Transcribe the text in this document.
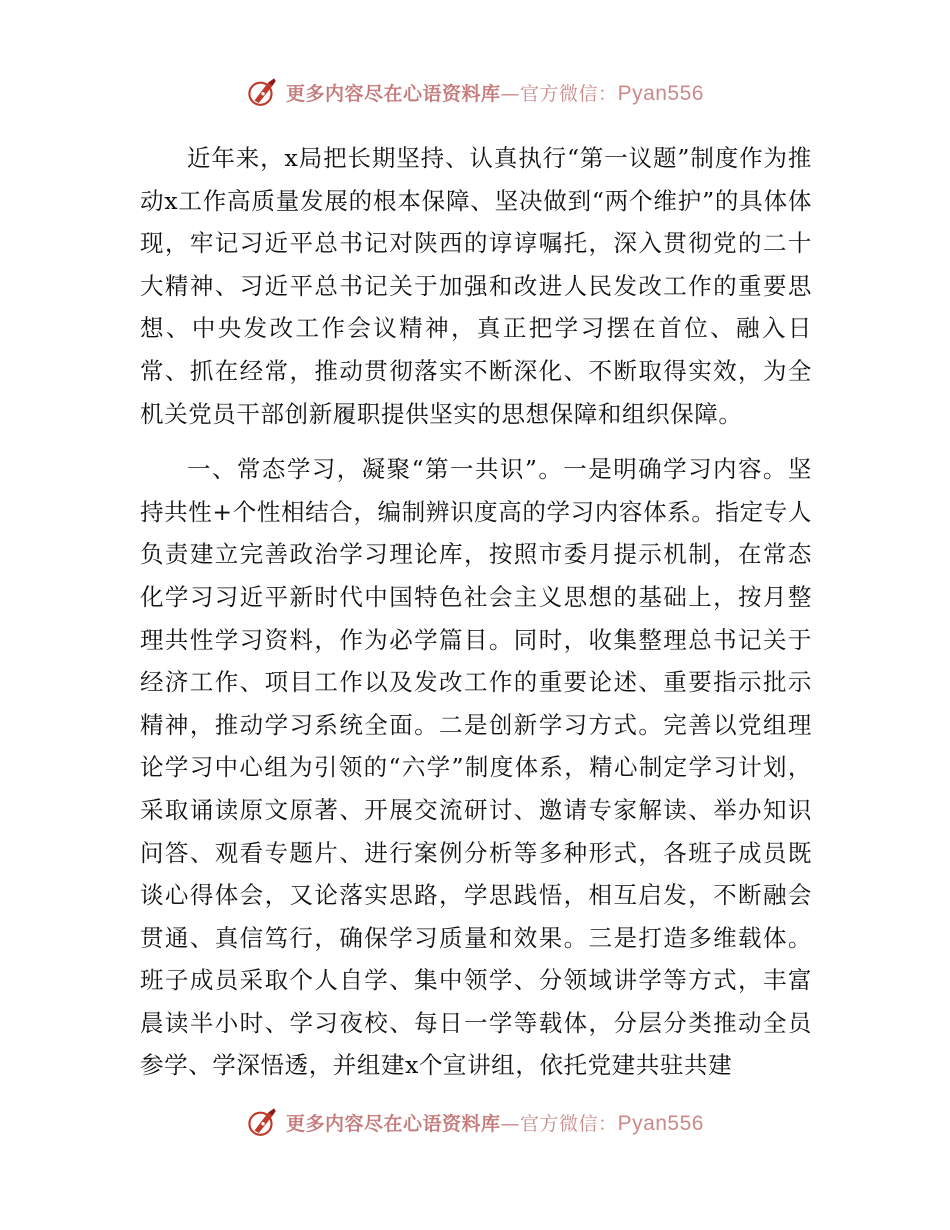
更多内容尽在心语资料库—官方微信：Pyan556

近年来，x局把长期坚持、认真执行“第一议题”制度作为推动x工作高质量发展的根本保障、坚决做到“两个维护”的具体体现，牢记习近平总书记对陕西的谆谆嘱托，深入贯彻党的二十大精神、习近平总书记关于加强和改进人民发改工作的重要思想、中央发改工作会议精神，真正把学习摆在首位、融入日常、抓在经常，推动贯彻落实不断深化、不断取得实效，为全机关党员干部创新履职提供坚实的思想保障和组织保障。

一、常态学习，凝聚“第一共识”。一是明确学习内容。坚持共性+个性相结合，编制辨识度高的学习内容体系。指定专人负责建立完善政治学习理论库，按照市委月提示机制，在常态化学习习近平新时代中国特色社会主义思想的基础上，按月整理共性学习资料，作为必学篇目。同时，收集整理总书记关于经济工作、项目工作以及发改工作的重要论述、重要指示批示精神，推动学习系统全面。二是创新学习方式。完善以党组理论学习中心组为引领的“六学”制度体系，精心制定学习计划，采取诵读原文原著、开展交流研讨、邀请专家解读、举办知识问答、观看专题片、进行案例分析等多种形式，各班子成员既谈心得体会，又论落实思路，学思践悟，相互启发，不断融会贯通、真信笃行，确保学习质量和效果。三是打造多维载体。班子成员采取个人自学、集中领学、分领域讲学等方式，丰富晨读半小时、学习夜校、每日一学等载体，分层分类推动全员参学、学深悟透，并组建x个宣讲组，依托党建共驻共建

更多内容尽在心语资料库—官方微信：Pyan556
